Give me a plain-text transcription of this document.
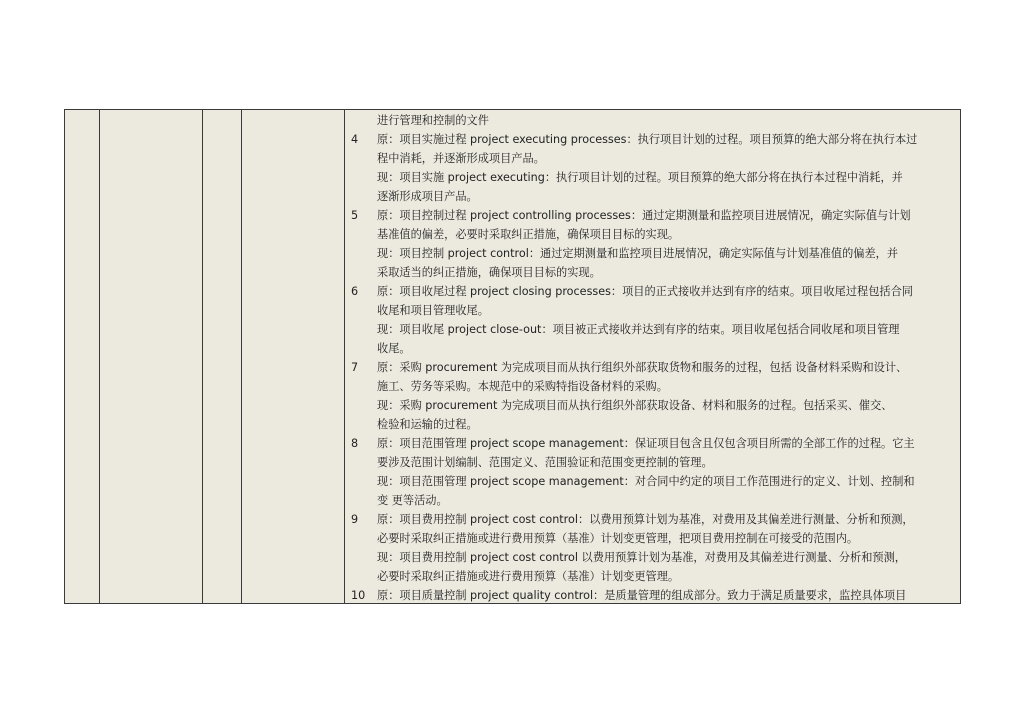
进行管理和控制的文件
4 原：项目实施过程 project executing processes：执行项目计划的过程。项目预算的绝大部分将在执行本过
程中消耗，并逐渐形成项目产品。
现：项目实施 project executing：执行项目计划的过程。项目预算的绝大部分将在执行本过程中消耗，并
逐渐形成项目产品。
5 原：项目控制过程 project controlling processes：通过定期测量和监控项目进展情况，确定实际值与计划
基准值的偏差，必要时采取纠正措施，确保项目目标的实现。
现：项目控制 project control：通过定期测量和监控项目进展情况，确定实际值与计划基准值的偏差，并
采取适当的纠正措施，确保项目目标的实现。
6 原：项目收尾过程 project closing processes：项目的正式接收并达到有序的结束。项目收尾过程包括合同
收尾和项目管理收尾。
现：项目收尾 project close-out：项目被正式接收并达到有序的结束。项目收尾包括合同收尾和项目管理
收尾。
7 原：采购 procurement 为完成项目而从执行组织外部获取货物和服务的过程，包括 设备材料采购和设计、
施工、劳务等采购。本规范中的采购特指设备材料的采购。
现：采购 procurement 为完成项目而从执行组织外部获取设备、材料和服务的过程。包括采买、催交、
检验和运输的过程。
8 原：项目范围管理 project scope management：保证项目包含且仅包含项目所需的全部工作的过程。它主
要涉及范围计划编制、范围定义、范围验证和范围变更控制的管理。
现：项目范围管理 project scope management：对合同中约定的项目工作范围进行的定义、计划、控制和
变 更等活动。
9 原：项目费用控制 project cost control：以费用预算计划为基准，对费用及其偏差进行测量、分析和预测，
必要时采取纠正措施或进行费用预算（基准）计划变更管理，把项目费用控制在可接受的范围内。
现：项目费用控制 project cost control 以费用预算计划为基准，对费用及其偏差进行测量、分析和预测，
必要时采取纠正措施或进行费用预算（基准）计划变更管理。
10 原：项目质量控制 project quality control：是质量管理的组成部分。致力于满足质量要求，监控具体项目
